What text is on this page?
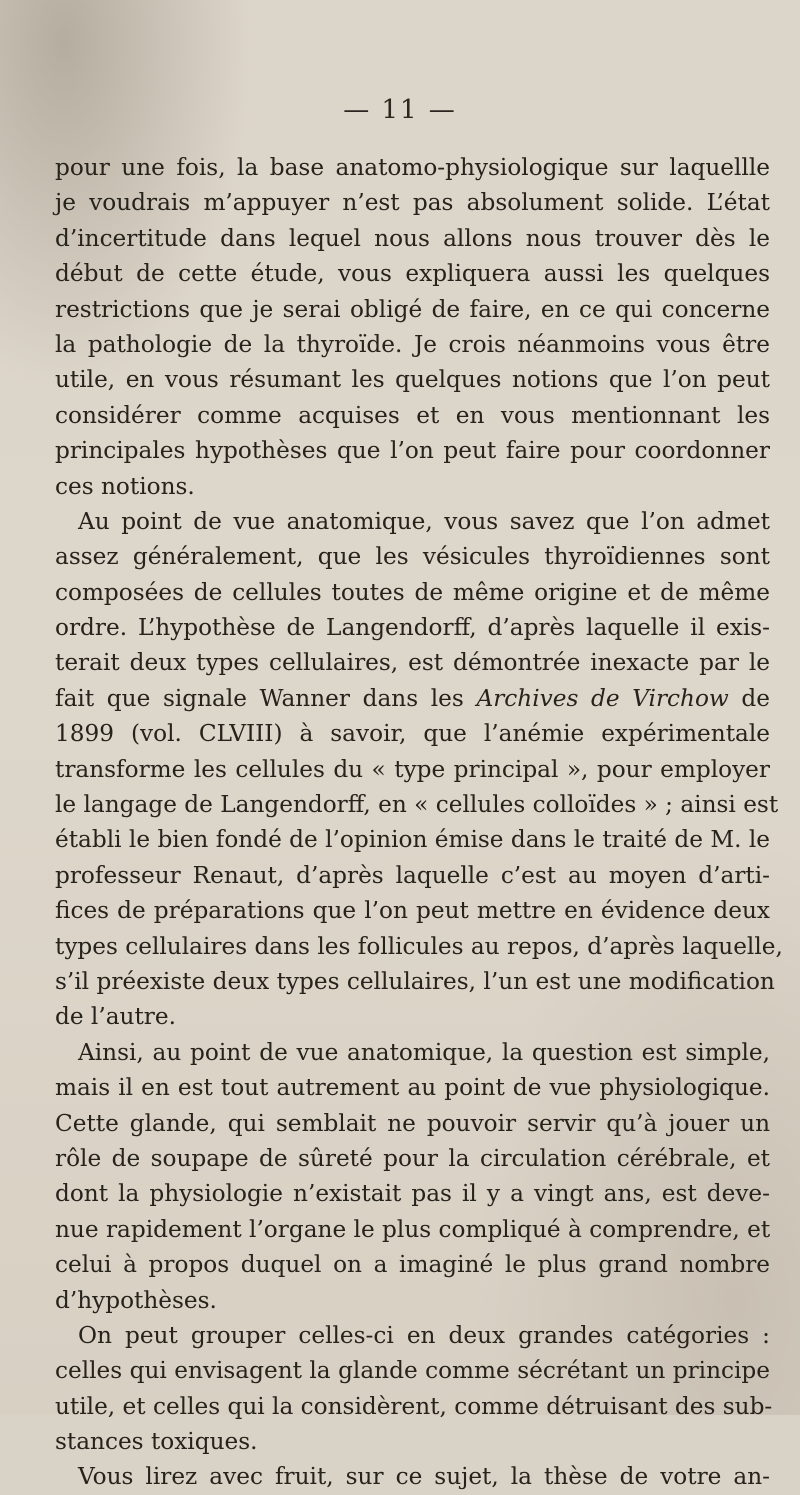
— 11 —
pour une fois, la base anatomo-physiologique sur laquellle
je voudrais m’appuyer n’est pas absolument solide. L’état
d’incertitude dans lequel nous allons nous trouver dès le
début de cette étude, vous expliquera aussi les quelques
restrictions que je serai obligé de faire, en ce qui concerne
la pathologie de la thyroïde. Je crois néanmoins vous être
utile, en vous résumant les quelques notions que l’on peut
considérer comme acquises et en vous mentionnant les
principales hypothèses que l’on peut faire pour coordonner
ces notions.
Au point de vue anatomique, vous savez que l’on admet
assez généralement, que les vésicules thyroïdiennes sont
composées de cellules toutes de même origine et de même
ordre. L’hypothèse de Langendorff, d’après laquelle il exis-
terait deux types cellulaires, est démontrée inexacte par le
fait que signale Wanner dans les Archives de Virchow de
1899 (vol. CLVIII) à savoir, que l’anémie expérimentale
transforme les cellules du « type principal », pour employer
le langage de Langendorff, en « cellules colloïdes » ; ainsi est
établi le bien fondé de l’opinion émise dans le traité de M. le
professeur Renaut, d’après laquelle c’est au moyen d’arti-
fices de préparations que l’on peut mettre en évidence deux
types cellulaires dans les follicules au repos, d’après laquelle,
s’il préexiste deux types cellulaires, l’un est une modification
de l’autre.
Ainsi, au point de vue anatomique, la question est simple,
mais il en est tout autrement au point de vue physiologique.
Cette glande, qui semblait ne pouvoir servir qu’à jouer un
rôle de soupape de sûreté pour la circulation cérébrale, et
dont la physiologie n’existait pas il y a vingt ans, est deve-
nue rapidement l’organe le plus compliqué à comprendre, et
celui à propos duquel on a imaginé le plus grand nombre
d’hypothèses.
On peut grouper celles-ci en deux grandes catégories :
celles qui envisagent la glande comme sécrétant un principe
utile, et celles qui la considèrent, comme détruisant des sub-
stances toxiques.
Vous lirez avec fruit, sur ce sujet, la thèse de votre an-
